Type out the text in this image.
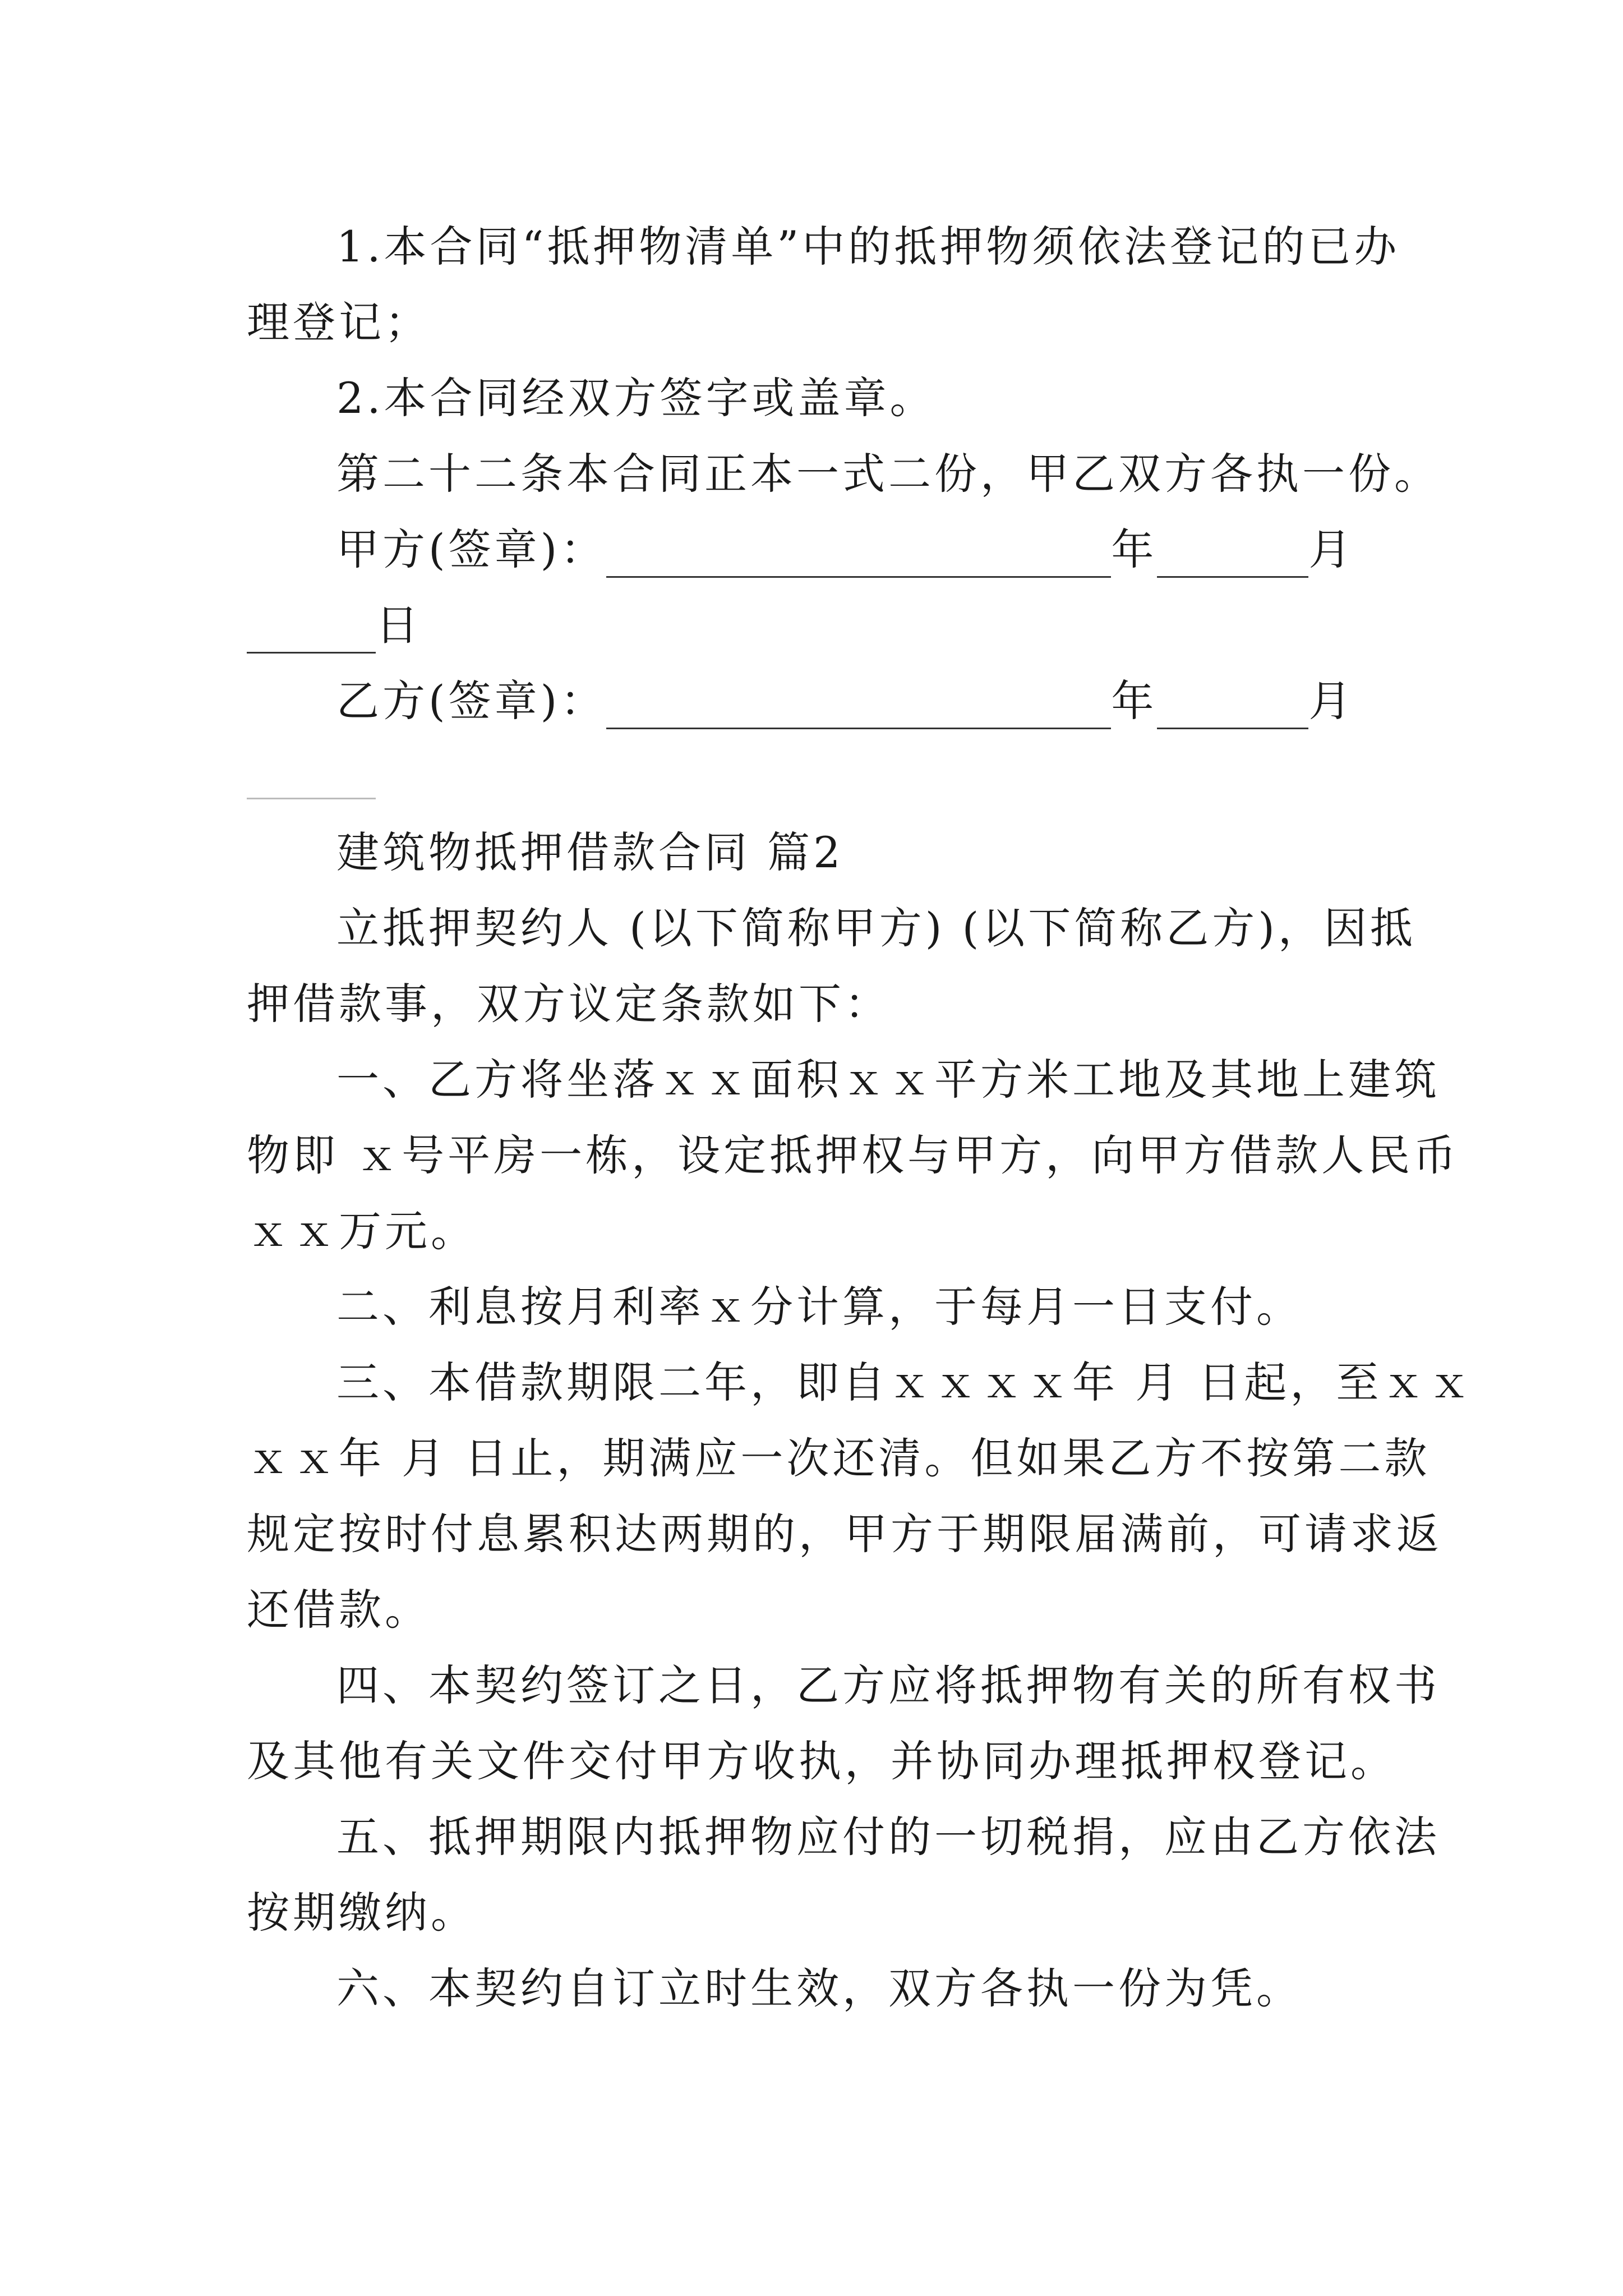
1.本合同“抵押物清单”中的抵押物须依法登记的已办
理登记；
2.本合同经双方签字或盖章。
第二十二条本合同正本一式二份，甲乙双方各执一份。
甲方(签章)：	年	月
日
乙方(签章)：	年	月
建筑物抵押借款合同 篇2
立抵押契约人 (以下简称甲方) (以下简称乙方)，因抵
押借款事，双方议定条款如下：
一、乙方将坐落ｘｘ面积ｘｘ平方米工地及其地上建筑
物即 ｘ号平房一栋，设定抵押权与甲方，向甲方借款人民币
ｘｘ万元。
二、利息按月利率ｘ分计算，于每月一日支付。
三、本借款期限二年，即自ｘｘｘｘ年 月 日起，至ｘｘ
ｘｘ年 月 日止，期满应一次还清。但如果乙方不按第二款
规定按时付息累积达两期的，甲方于期限届满前，可请求返
还借款。
四、本契约签订之日，乙方应将抵押物有关的所有权书
及其他有关文件交付甲方收执，并协同办理抵押权登记。
五、抵押期限内抵押物应付的一切税捐，应由乙方依法
按期缴纳。
六、本契约自订立时生效，双方各执一份为凭。
